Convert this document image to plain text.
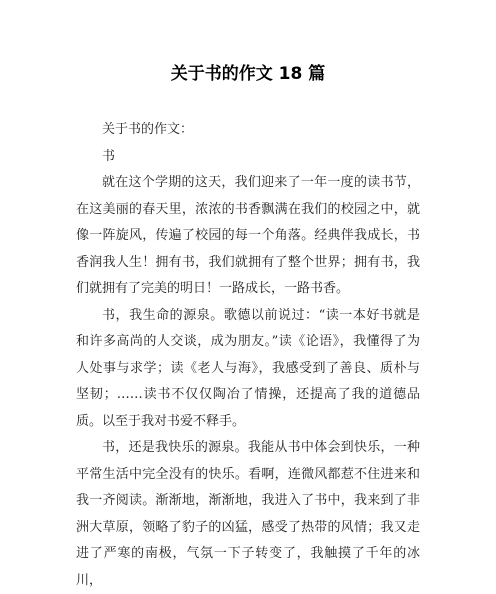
关于书的作文 18 篇

关于书的作文：

书

就在这个学期的这天，我们迎来了一年一度的读书节，在这美丽的春天里，浓浓的书香飘满在我们的校园之中，就像一阵旋风，传遍了校园的每一个角落。经典伴我成长，书香润我人生！拥有书，我们就拥有了整个世界；拥有书，我们就拥有了完美的明日！一路成长，一路书香。

书，我生命的源泉。歌德以前说过：“读一本好书就是和许多高尚的人交谈，成为朋友。”读《论语》，我懂得了为人处事与求学；读《老人与海》，我感受到了善良、质朴与坚韧；……读书不仅仅陶冶了情操，还提高了我的道德品质。以至于我对书爱不释手。

书，还是我快乐的源泉。我能从书中体会到快乐，一种平常生活中完全没有的快乐。看啊，连微风都惹不住进来和我一齐阅读。渐渐地，渐渐地，我进入了书中，我来到了非洲大草原，领略了豹子的凶猛，感受了热带的风情；我又走进了严寒的南极，气氛一下子转变了，我触摸了千年的冰川，
